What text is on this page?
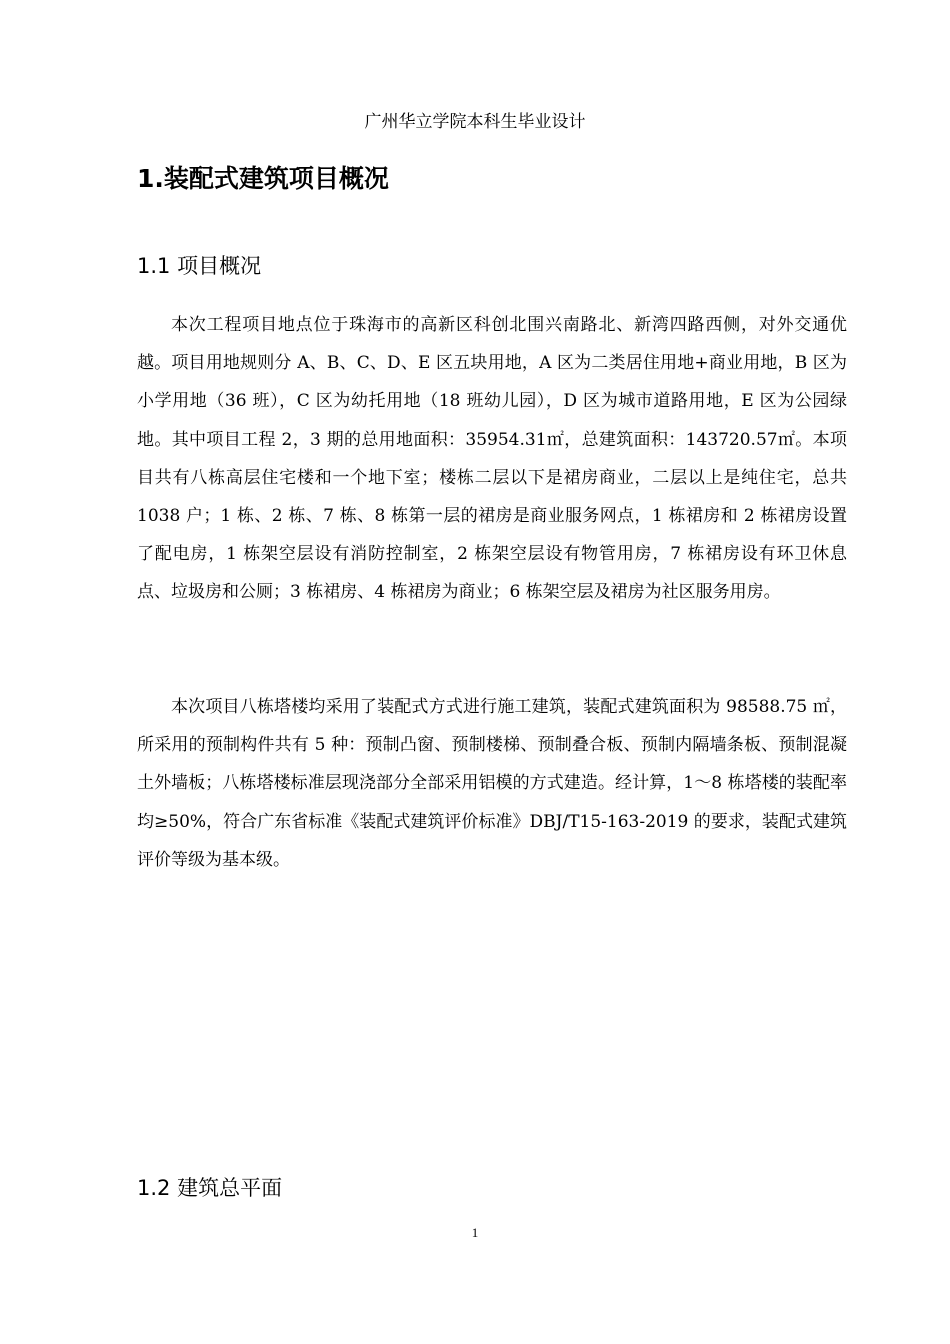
广州华立学院本科生毕业设计
1.装配式建筑项目概况
1.1 项目概况

本次工程项目地点位于珠海市的高新区科创北围兴南路北、新湾四路西侧，对外交通优越。项目用地规则分 A、B、C、D、E 区五块用地，A 区为二类居住用地+商业用地，B 区为小学用地（36 班），C 区为幼托用地（18 班幼儿园），D 区为城市道路用地，E 区为公园绿地。其中项目工程 2，3 期的总用地面积：35954.31㎡，总建筑面积：143720.57㎡。本项目共有八栋高层住宅楼和一个地下室；楼栋二层以下是裙房商业，二层以上是纯住宅，总共 1038 户；1 栋、2 栋、7 栋、8 栋第一层的裙房是商业服务网点，1 栋裙房和 2 栋裙房设置了配电房，1 栋架空层设有消防控制室，2 栋架空层设有物管用房，7 栋裙房设有环卫休息点、垃圾房和公厕；3 栋裙房、4 栋裙房为商业；6 栋架空层及裙房为社区服务用房。

本次项目八栋塔楼均采用了装配式方式进行施工建筑，装配式建筑面积为 98588.75 ㎡，所采用的预制构件共有 5 种：预制凸窗、预制楼梯、预制叠合板、预制内隔墙条板、预制混凝土外墙板；八栋塔楼标准层现浇部分全部采用铝模的方式建造。经计算，1～8 栋塔楼的装配率均≥50%，符合广东省标准《装配式建筑评价标准》DBJ/T15-163-2019 的要求，装配式建筑评价等级为基本级。

1.2 建筑总平面
1
